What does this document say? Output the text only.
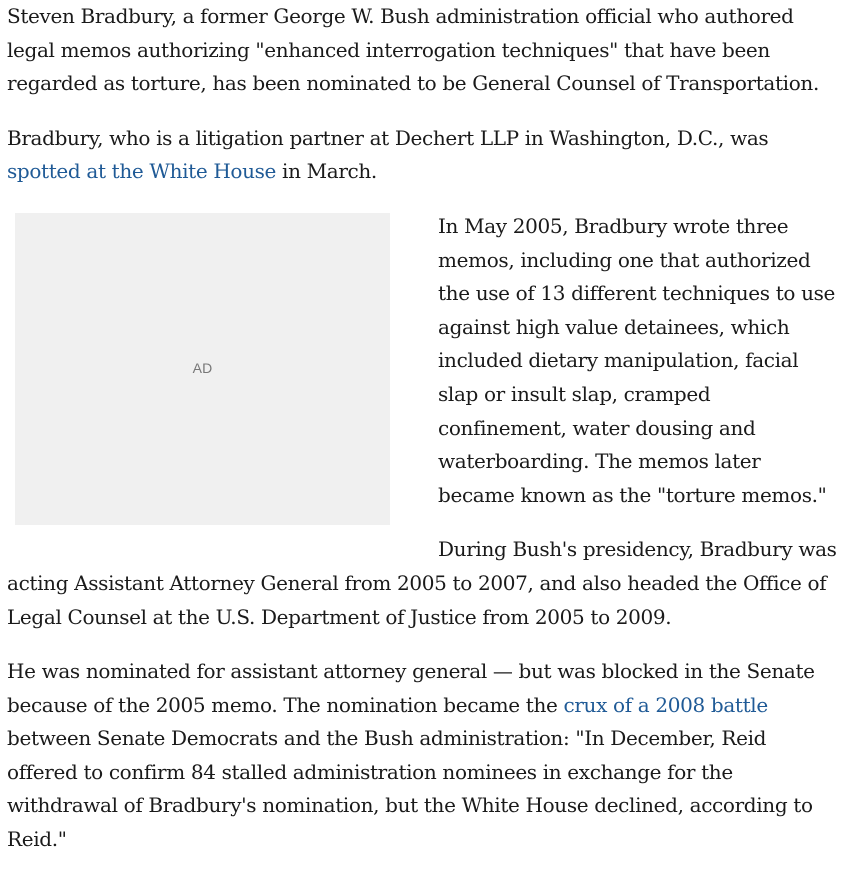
Steven Bradbury, a former George W. Bush administration official who authored legal memos authorizing "enhanced interrogation techniques" that have been regarded as torture, has been nominated to be General Counsel of Transportation.

Bradbury, who is a litigation partner at Dechert LLP in Washington, D.C., was spotted at the White House in March.

AD

In May 2005, Bradbury wrote three memos, including one that authorized the use of 13 different techniques to use against high value detainees, which included dietary manipulation, facial slap or insult slap, cramped confinement, water dousing and waterboarding. The memos later became known as the "torture memos."

During Bush's presidency, Bradbury was acting Assistant Attorney General from 2005 to 2007, and also headed the Office of Legal Counsel at the U.S. Department of Justice from 2005 to 2009.

He was nominated for assistant attorney general — but was blocked in the Senate because of the 2005 memo. The nomination became the crux of a 2008 battle between Senate Democrats and the Bush administration: "In December, Reid offered to confirm 84 stalled administration nominees in exchange for the withdrawal of Bradbury's nomination, but the White House declined, according to Reid."
